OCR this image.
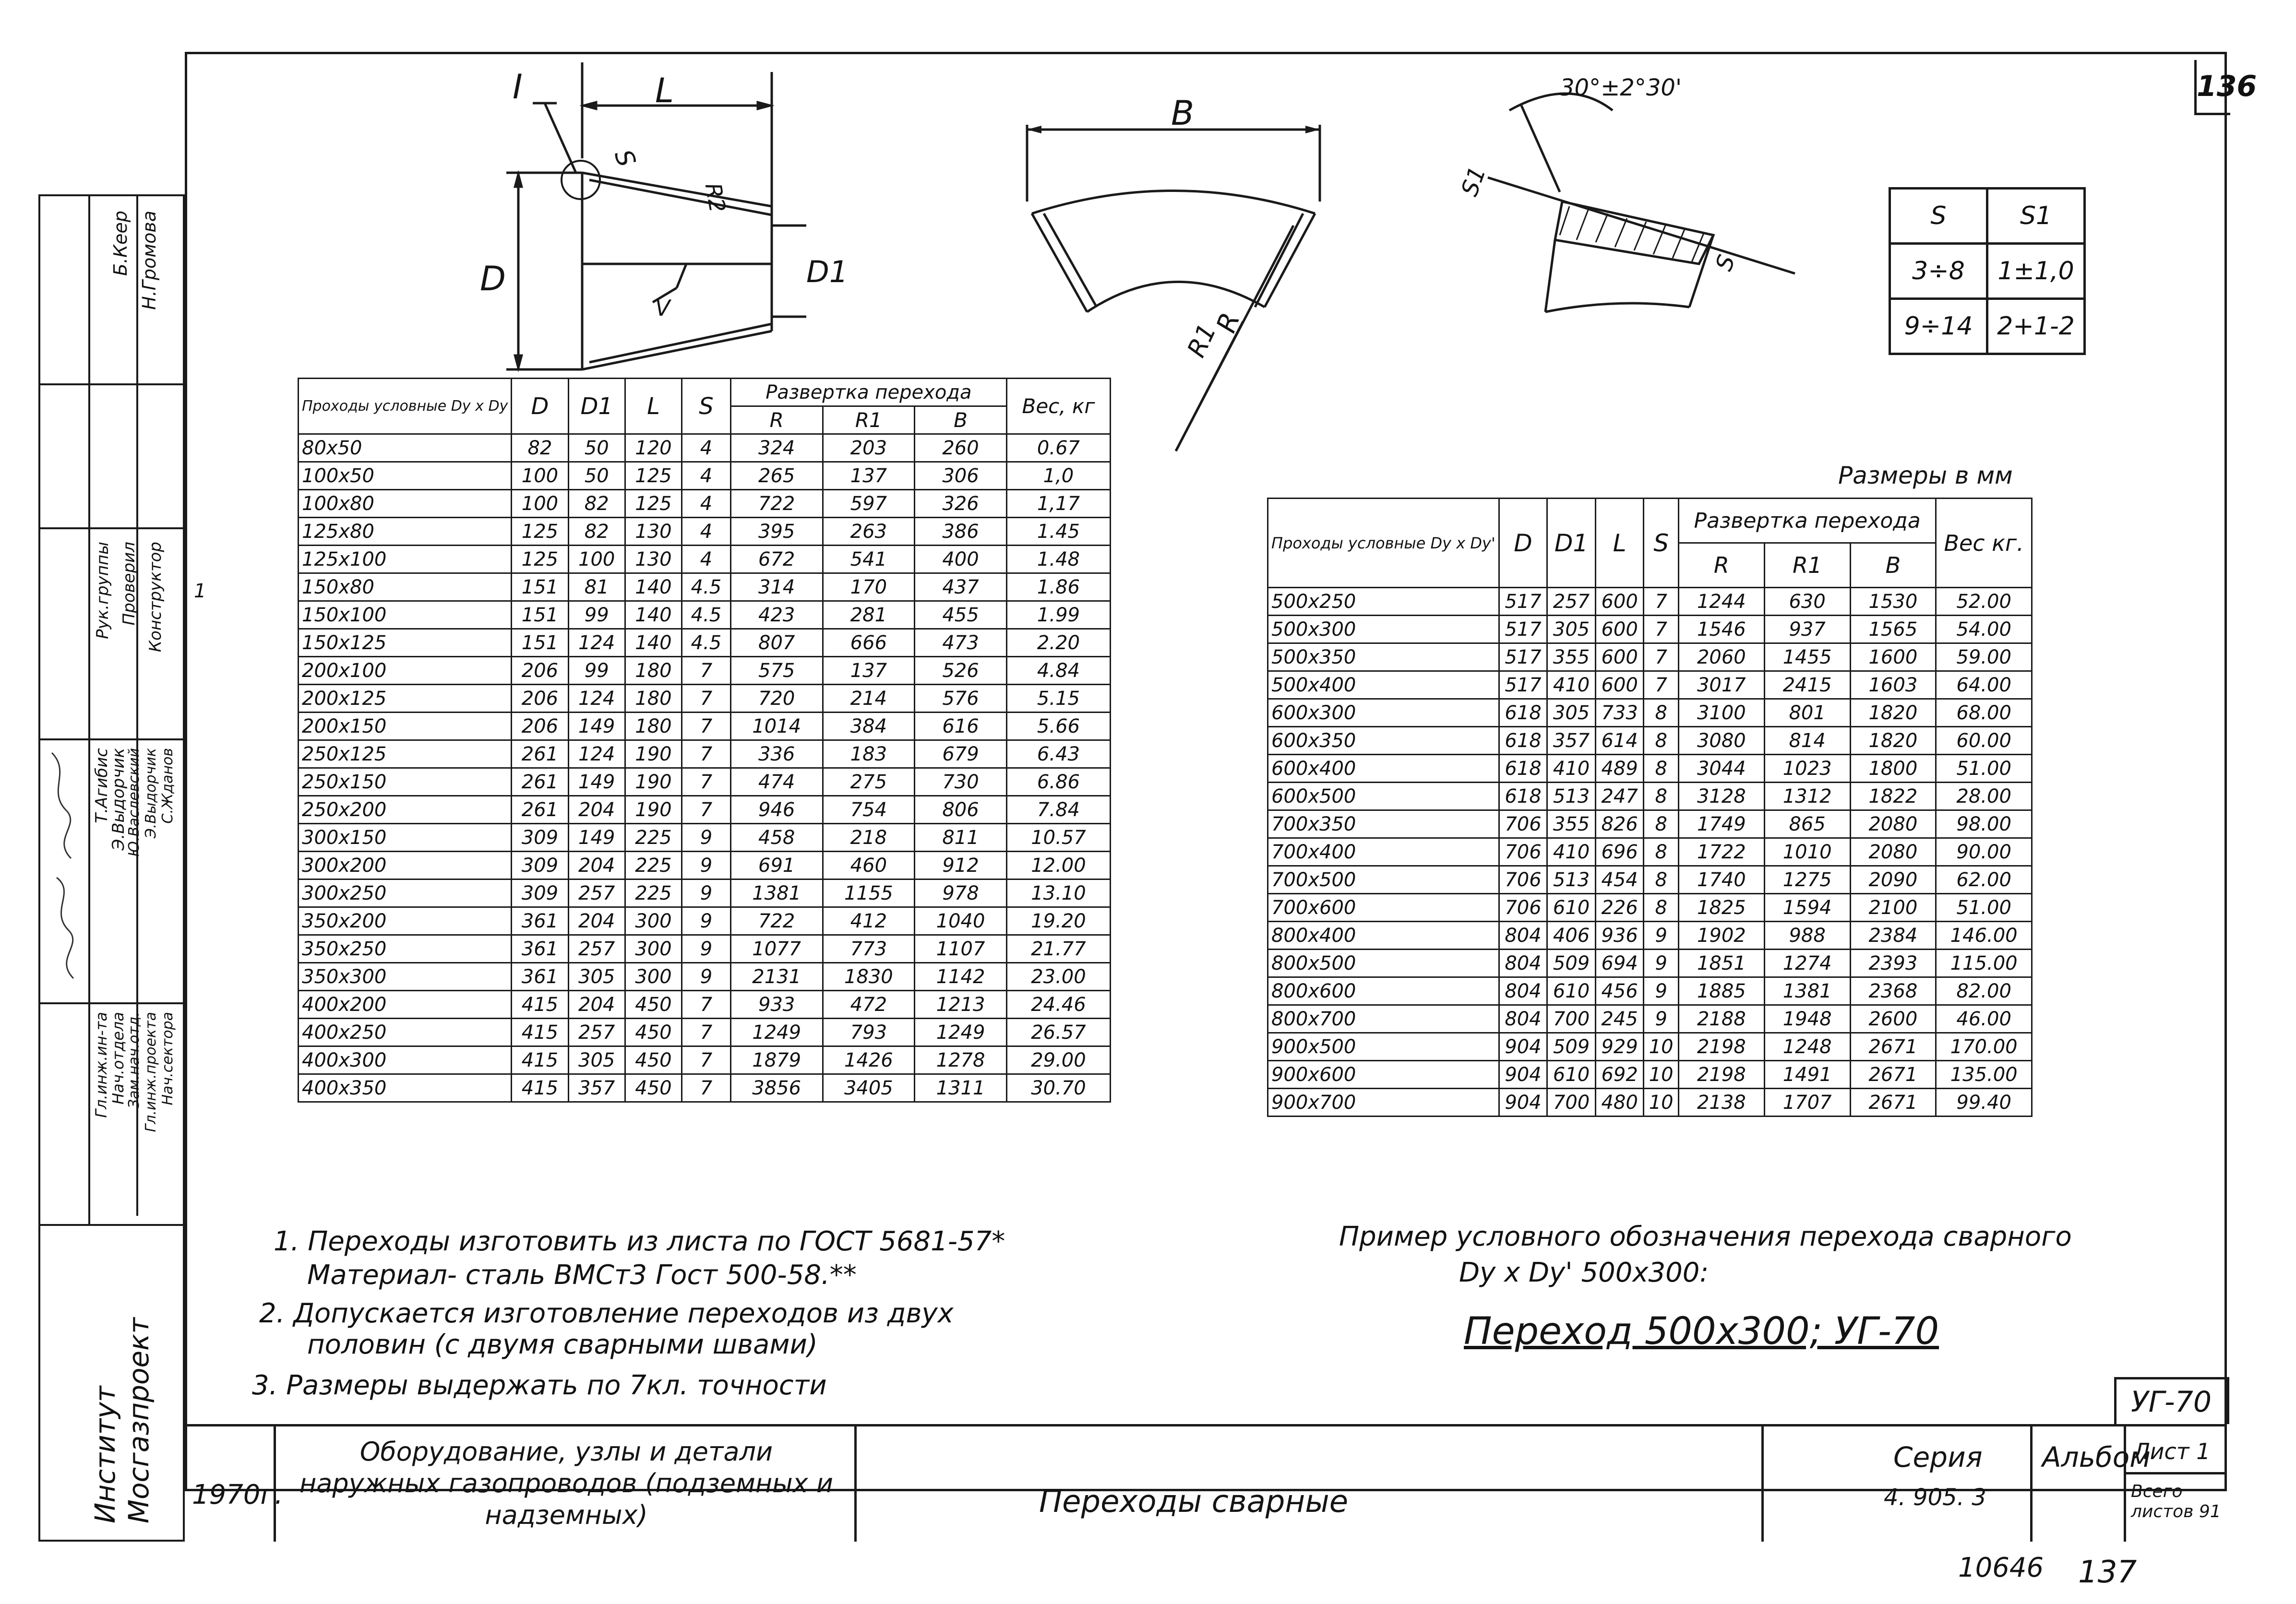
136
I	L
D	D1
S
R2
V
B
R
R1
30°±2°30'
S1
S
S	S1
3÷8	1±1,0
9÷14	2+1-2
Проходы условные Dy x Dy	D	D1	L	S	Развертка перехода			Вес, кг
					R	R1	B	
80x50	82	50	120	4	324	203	260	0.67
100x50	100	50	125	4	265	137	306	1,0
100x80	100	82	125	4	722	597	326	1,17
125x80	125	82	130	4	395	263	386	1.45
125x100	125	100	130	4	672	541	400	1.48
150x80	151	81	140	4.5	314	170	437	1.86
150x100	151	99	140	4.5	423	281	455	1.99
150x125	151	124	140	4.5	807	666	473	2.20
200x100	206	99	180	7	575	137	526	4.84
200x125	206	124	180	7	720	214	576	5.15
200x150	206	149	180	7	1014	384	616	5.66
250x125	261	124	190	7	336	183	679	6.43
250x150	261	149	190	7	474	275	730	6.86
250x200	261	204	190	7	946	754	806	7.84
300x150	309	149	225	9	458	218	811	10.57
300x200	309	204	225	9	691	460	912	12.00
300x250	309	257	225	9	1381	1155	978	13.10
350x200	361	204	300	9	722	412	1040	19.20
350x250	361	257	300	9	1077	773	1107	21.77
350x300	361	305	300	9	2131	1830	1142	23.00
400x200	415	204	450	7	933	472	1213	24.46
400x250	415	257	450	7	1249	793	1249	26.57
400x300	415	305	450	7	1879	1426	1278	29.00
400x350	415	357	450	7	3856	3405	1311	30.70
Размеры в мм
Проходы условные Dy x Dy'	D	D1	L	S	Развертка перехода			Вес кг.
					R	R1	B	
500x250	517	257	600	7	1244	630	1530	52.00
500x300	517	305	600	7	1546	937	1565	54.00
500x350	517	355	600	7	2060	1455	1600	59.00
500x400	517	410	600	7	3017	2415	1603	64.00
600x300	618	305	733	8	3100	801	1820	68.00
600x350	618	357	614	8	3080	814	1820	60.00
600x400	618	410	489	8	3044	1023	1800	51.00
600x500	618	513	247	8	3128	1312	1822	28.00
700x350	706	355	826	8	1749	865	2080	98.00
700x400	706	410	696	8	1722	1010	2080	90.00
700x500	706	513	454	8	1740	1275	2090	62.00
700x600	706	610	226	8	1825	1594	2100	51.00
800x400	804	406	936	9	1902	988	2384	146.00
800x500	804	509	694	9	1851	1274	2393	115.00
800x600	804	610	456	9	1885	1381	2368	82.00
800x700	804	700	245	9	2188	1948	2600	46.00
900x500	904	509	929	10	2198	1248	2671	170.00
900x600	904	610	692	10	2198	1491	2671	135.00
900x700	904	700	480	10	2138	1707	2671	99.40
1. Переходы изготовить из листа по ГОСТ 5681-57*
Материал- сталь ВМСт3 Гост 500-58.**
2. Допускается изготовление переходов из двух
половин (с двумя сварными швами)
3. Размеры выдержать по 7кл. точности
Пример условного обозначения перехода сварного
Dy x Dy' 500x300:
Переход 500x300; УГ-70
Б.Кеер Н.Громова
Рук.группы Проверил Конструктор 1
Т.Агибис
Э.Выдорчик
Ю.Васлевский Э.Выдорчик С.Жданов
Гл.инж.ин-та
Нач.отдела
Зам.нач.отд. Гл.инж.проекта Нач.сектора
Институт Мосгазпроект 1970г.
Оборудование, узлы и детали наружных газопроводов (подземных и надземных)	Переходы сварные
Серия
4. 905. 3
Альбом
Лист 1
Всего листов 91
УГ-70
10646 137
